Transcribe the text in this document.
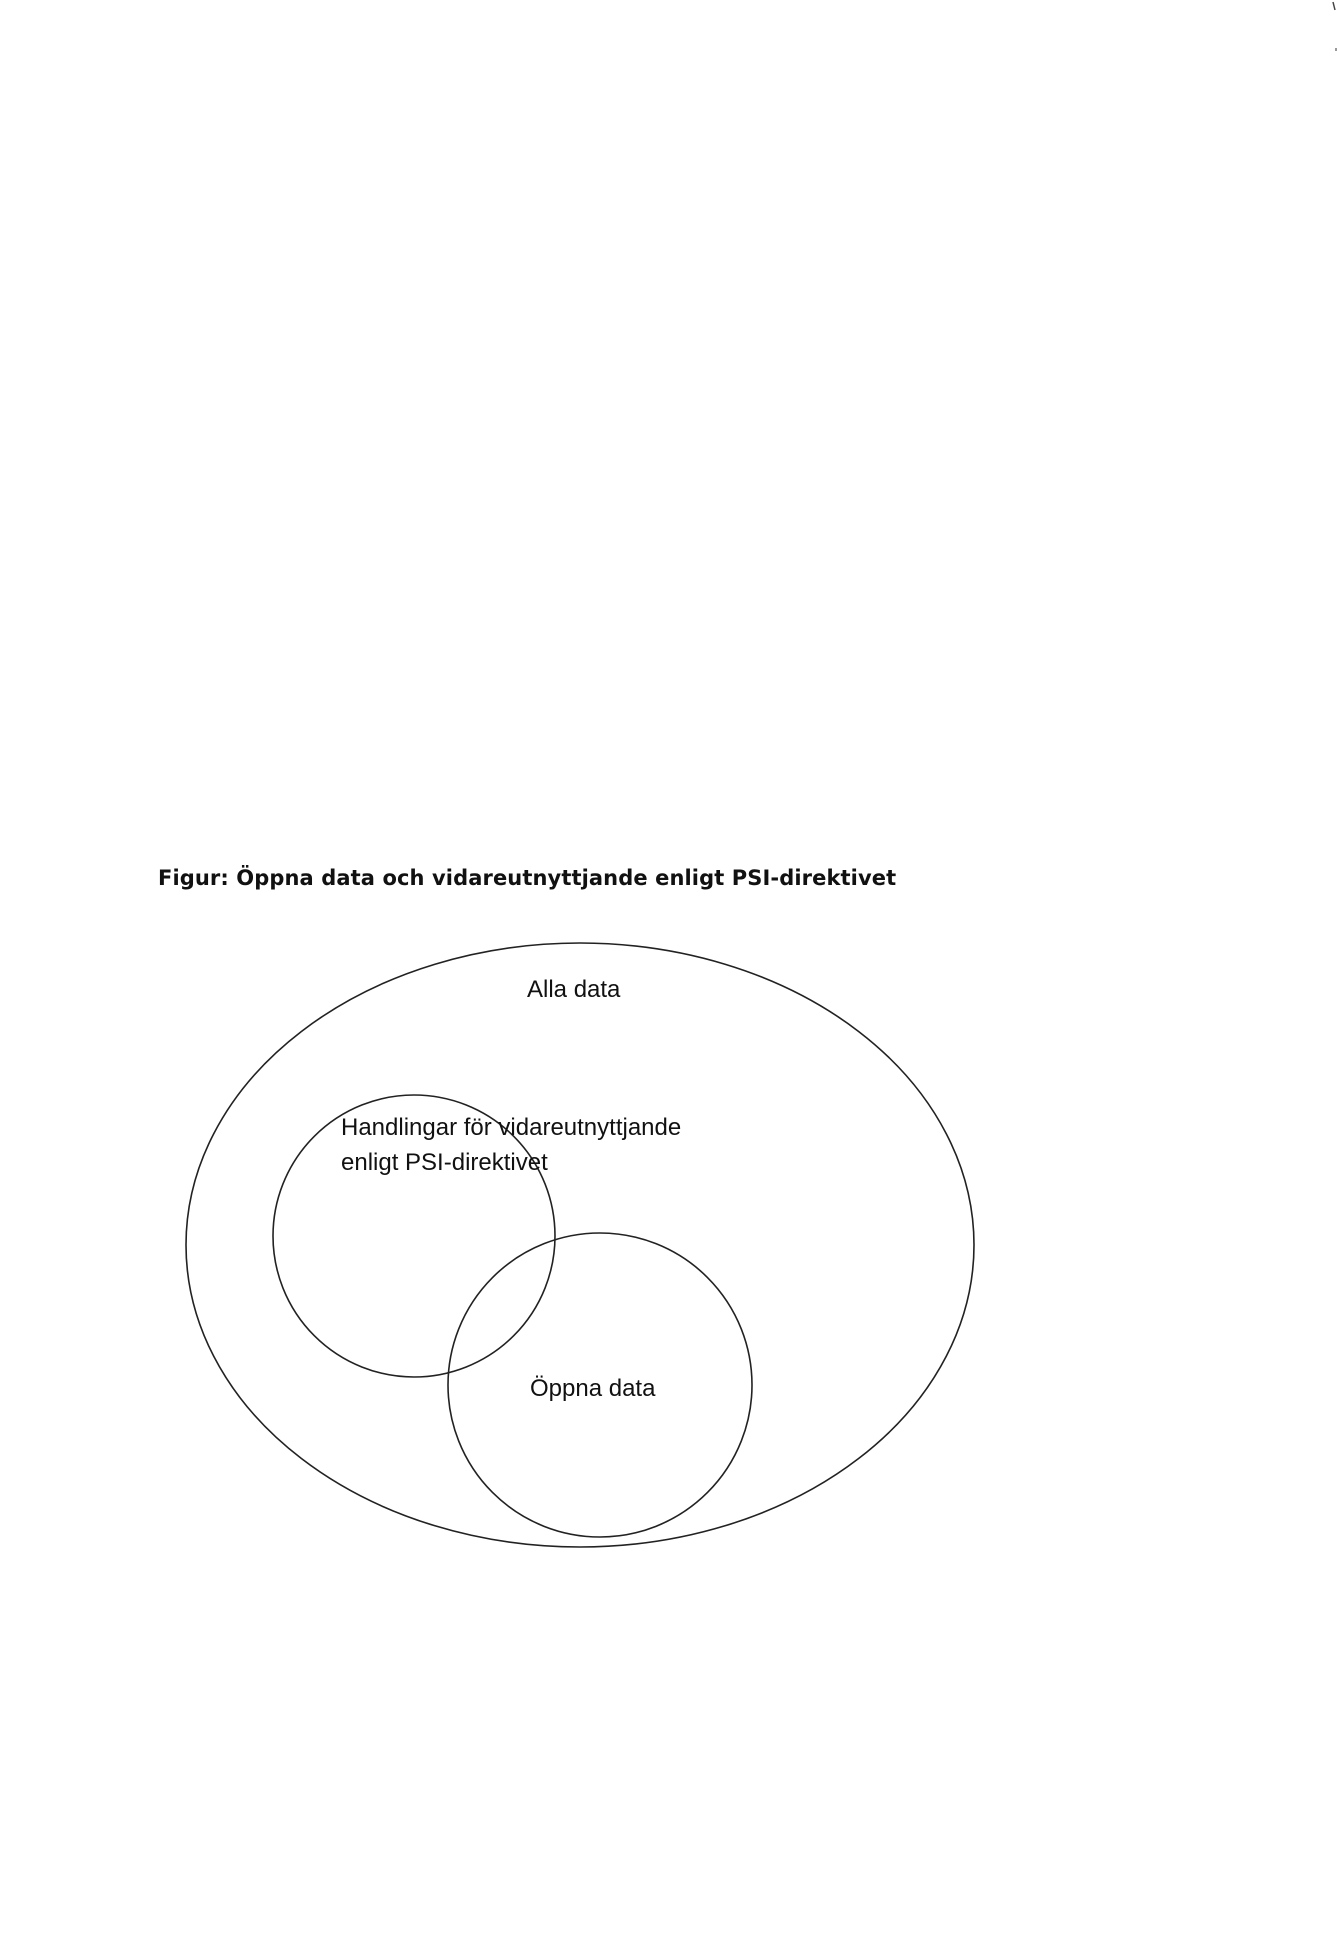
Figur: Öppna data och vidareutnyttjande enligt PSI-direktivet
Alla data
Handlingar för vidareutnyttjande
enligt PSI-direktivet
Öppna data
